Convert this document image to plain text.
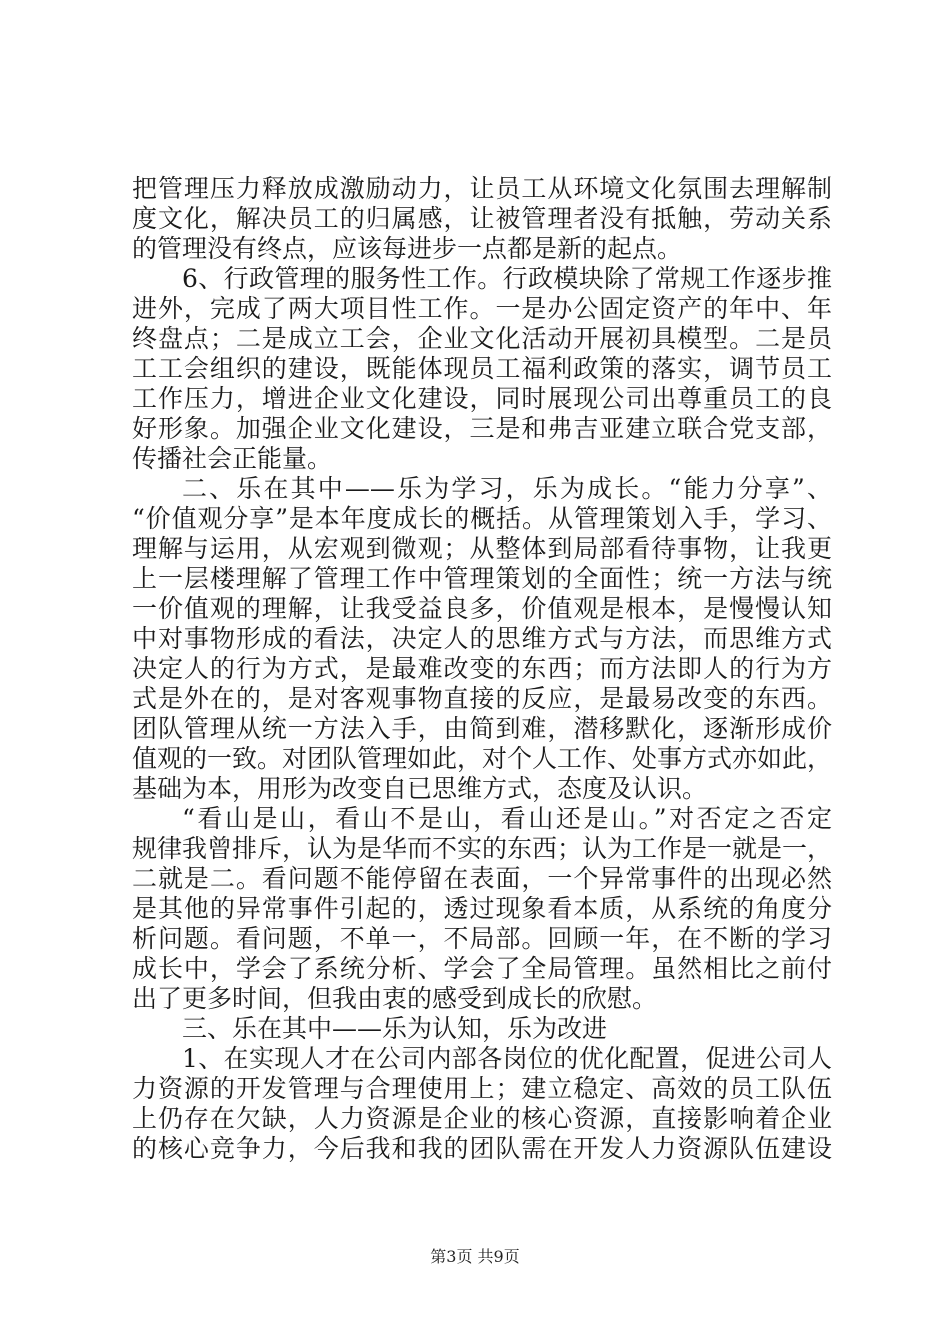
把管理压力释放成激励动力，让员工从环境文化氛围去理解制
度文化，解决员工的归属感，让被管理者没有抵触，劳动关系
的管理没有终点，应该每进步一点都是新的起点。
6、行政管理的服务性工作。行政模块除了常规工作逐步推
进外，完成了两大项目性工作。一是办公固定资产的年中、年
终盘点；二是成立工会，企业文化活动开展初具模型。二是员
工工会组织的建设，既能体现员工福利政策的落实，调节员工
工作压力，增进企业文化建设，同时展现公司出尊重员工的良
好形象。加强企业文化建设，三是和弗吉亚建立联合党支部，
传播社会正能量。
二、乐在其中——乐为学习，乐为成长。“能力分享”、
“价值观分享”是本年度成长的概括。从管理策划入手，学习、
理解与运用，从宏观到微观；从整体到局部看待事物，让我更
上一层楼理解了管理工作中管理策划的全面性；统一方法与统
一价值观的理解，让我受益良多，价值观是根本，是慢慢认知
中对事物形成的看法，决定人的思维方式与方法，而思维方式
决定人的行为方式，是最难改变的东西；而方法即人的行为方
式是外在的，是对客观事物直接的反应，是最易改变的东西。
团队管理从统一方法入手，由简到难，潜移默化，逐渐形成价
值观的一致。对团队管理如此，对个人工作、处事方式亦如此，
基础为本，用形为改变自已思维方式，态度及认识。
“看山是山，看山不是山，看山还是山。”对否定之否定
规律我曾排斥，认为是华而不实的东西；认为工作是一就是一，
二就是二。看问题不能停留在表面，一个异常事件的出现必然
是其他的异常事件引起的，透过现象看本质，从系统的角度分
析问题。看问题，不单一，不局部。回顾一年，在不断的学习
成长中，学会了系统分析、学会了全局管理。虽然相比之前付
出了更多时间，但我由衷的感受到成长的欣慰。
三、乐在其中——乐为认知，乐为改进
1、在实现人才在公司内部各岗位的优化配置，促进公司人
力资源的开发管理与合理使用上；建立稳定、高效的员工队伍
上仍存在欠缺，人力资源是企业的核心资源，直接影响着企业
的核心竞争力，今后我和我的团队需在开发人力资源队伍建设
第3页 共9页
